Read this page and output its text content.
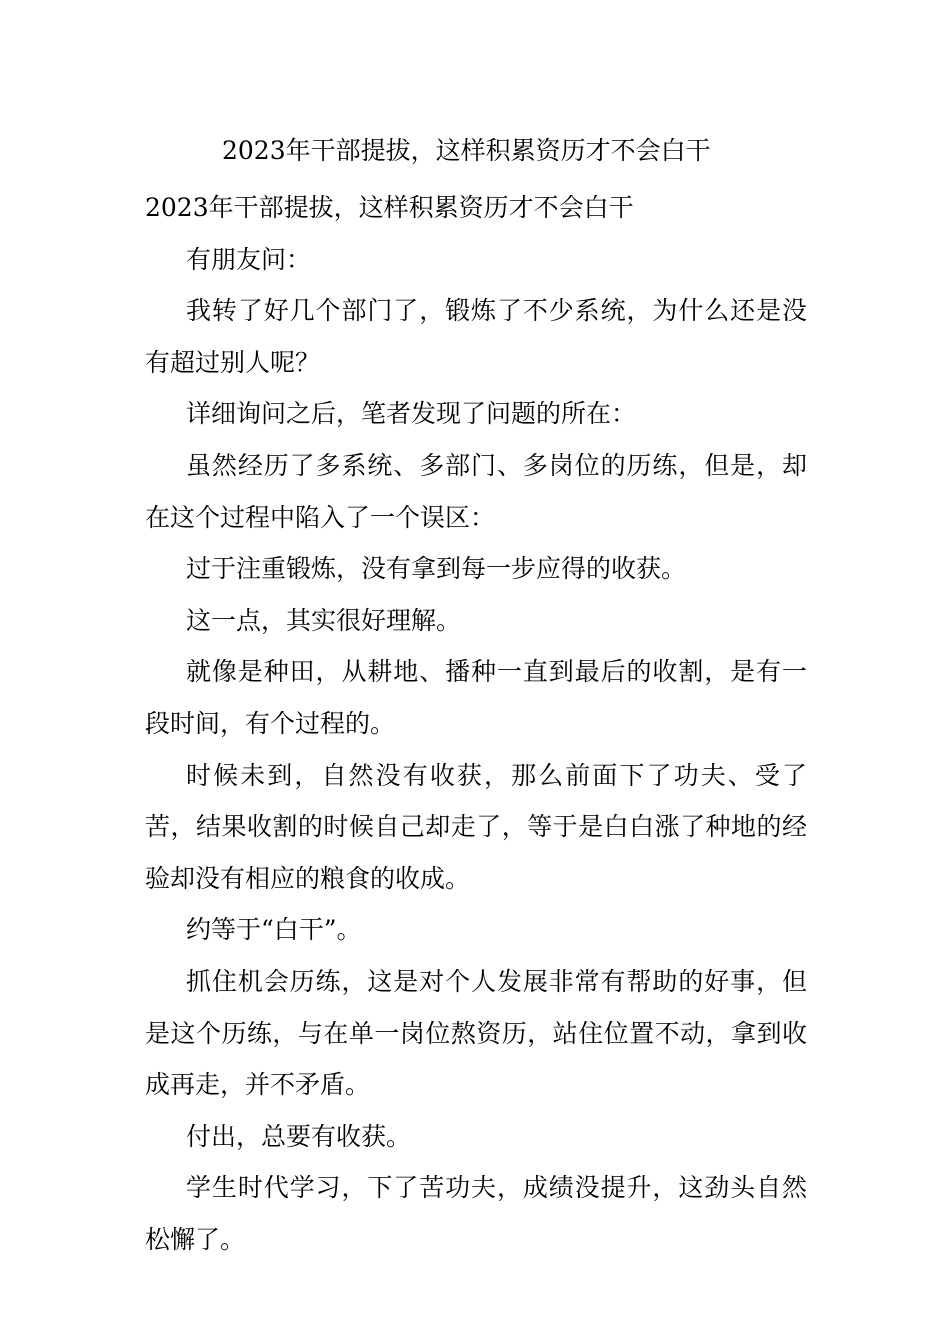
2023年干部提拔，这样积累资历才不会白干

2023年干部提拔，这样积累资历才不会白干

有朋友问：

我转了好几个部门了，锻炼了不少系统，为什么还是没有超过别人呢？

详细询问之后，笔者发现了问题的所在：

虽然经历了多系统、多部门、多岗位的历练，但是，却在这个过程中陷入了一个误区：

过于注重锻炼，没有拿到每一步应得的收获。

这一点，其实很好理解。

就像是种田，从耕地、播种一直到最后的收割，是有一段时间，有个过程的。

时候未到，自然没有收获，那么前面下了功夫、受了苦，结果收割的时候自己却走了，等于是白白涨了种地的经验却没有相应的粮食的收成。

约等于“白干”。

抓住机会历练，这是对个人发展非常有帮助的好事，但是这个历练，与在单一岗位熬资历，站住位置不动，拿到收成再走，并不矛盾。

付出，总要有收获。

学生时代学习，下了苦功夫，成绩没提升，这劲头自然松懈了。
